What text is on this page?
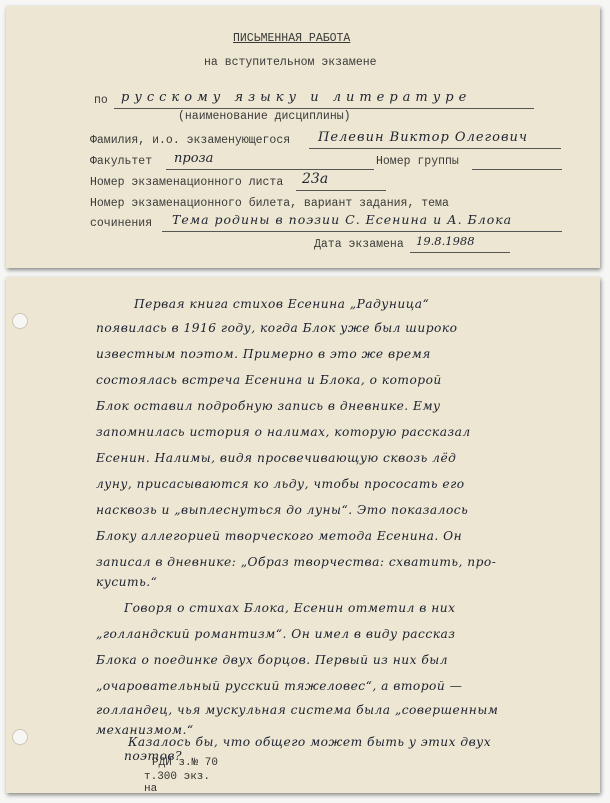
ПИСЬМЕННАЯ РАБОТА
на вступительном экзамене
по русскому языку и литературе
(наименование дисциплины)
Фамилия, и.о. экзаменующегося Пелевин Виктор Олегович
Факультет проза	Номер группы
Номер экзаменационного листа 23а
Номер экзаменационного билета, вариант задания, тема
сочинения Тема родины в поэзии С. Есенина и А. Блока
Дата экзамена 19.8.1988
Первая книга стихов Есенина „Радуница“
появилась в 1916 году, когда Блок уже был широко
известным поэтом. Примерно в это же время
состоялась встреча Есенина и Блока, о которой
Блок оставил подробную запись в дневнике. Ему
запомнилась история о налимах, которую рассказал
Есенин. Налимы, видя просвечивающую сквозь лёд
луну, присасываются ко льду, чтобы прососать его
насквозь и „выплеснуться до луны“. Это показалось
Блоку аллегорией творческого метода Есенина. Он
записал в дневнике: „Образ творчества: схватить, про-
кусить.“
Говоря о стихах Блока, Есенин отметил в них
„голландский романтизм“. Он имел в виду рассказ
Блока о поединке двух борцов. Первый из них был
„очаровательный русский тяжеловес“, а второй —
голландец, чья мускульная система была „совершенным
механизмом.“
Казалось бы, что общего может быть у этих двух
поэтов?
РДИ з.№ 70
т.300 экз.
на
